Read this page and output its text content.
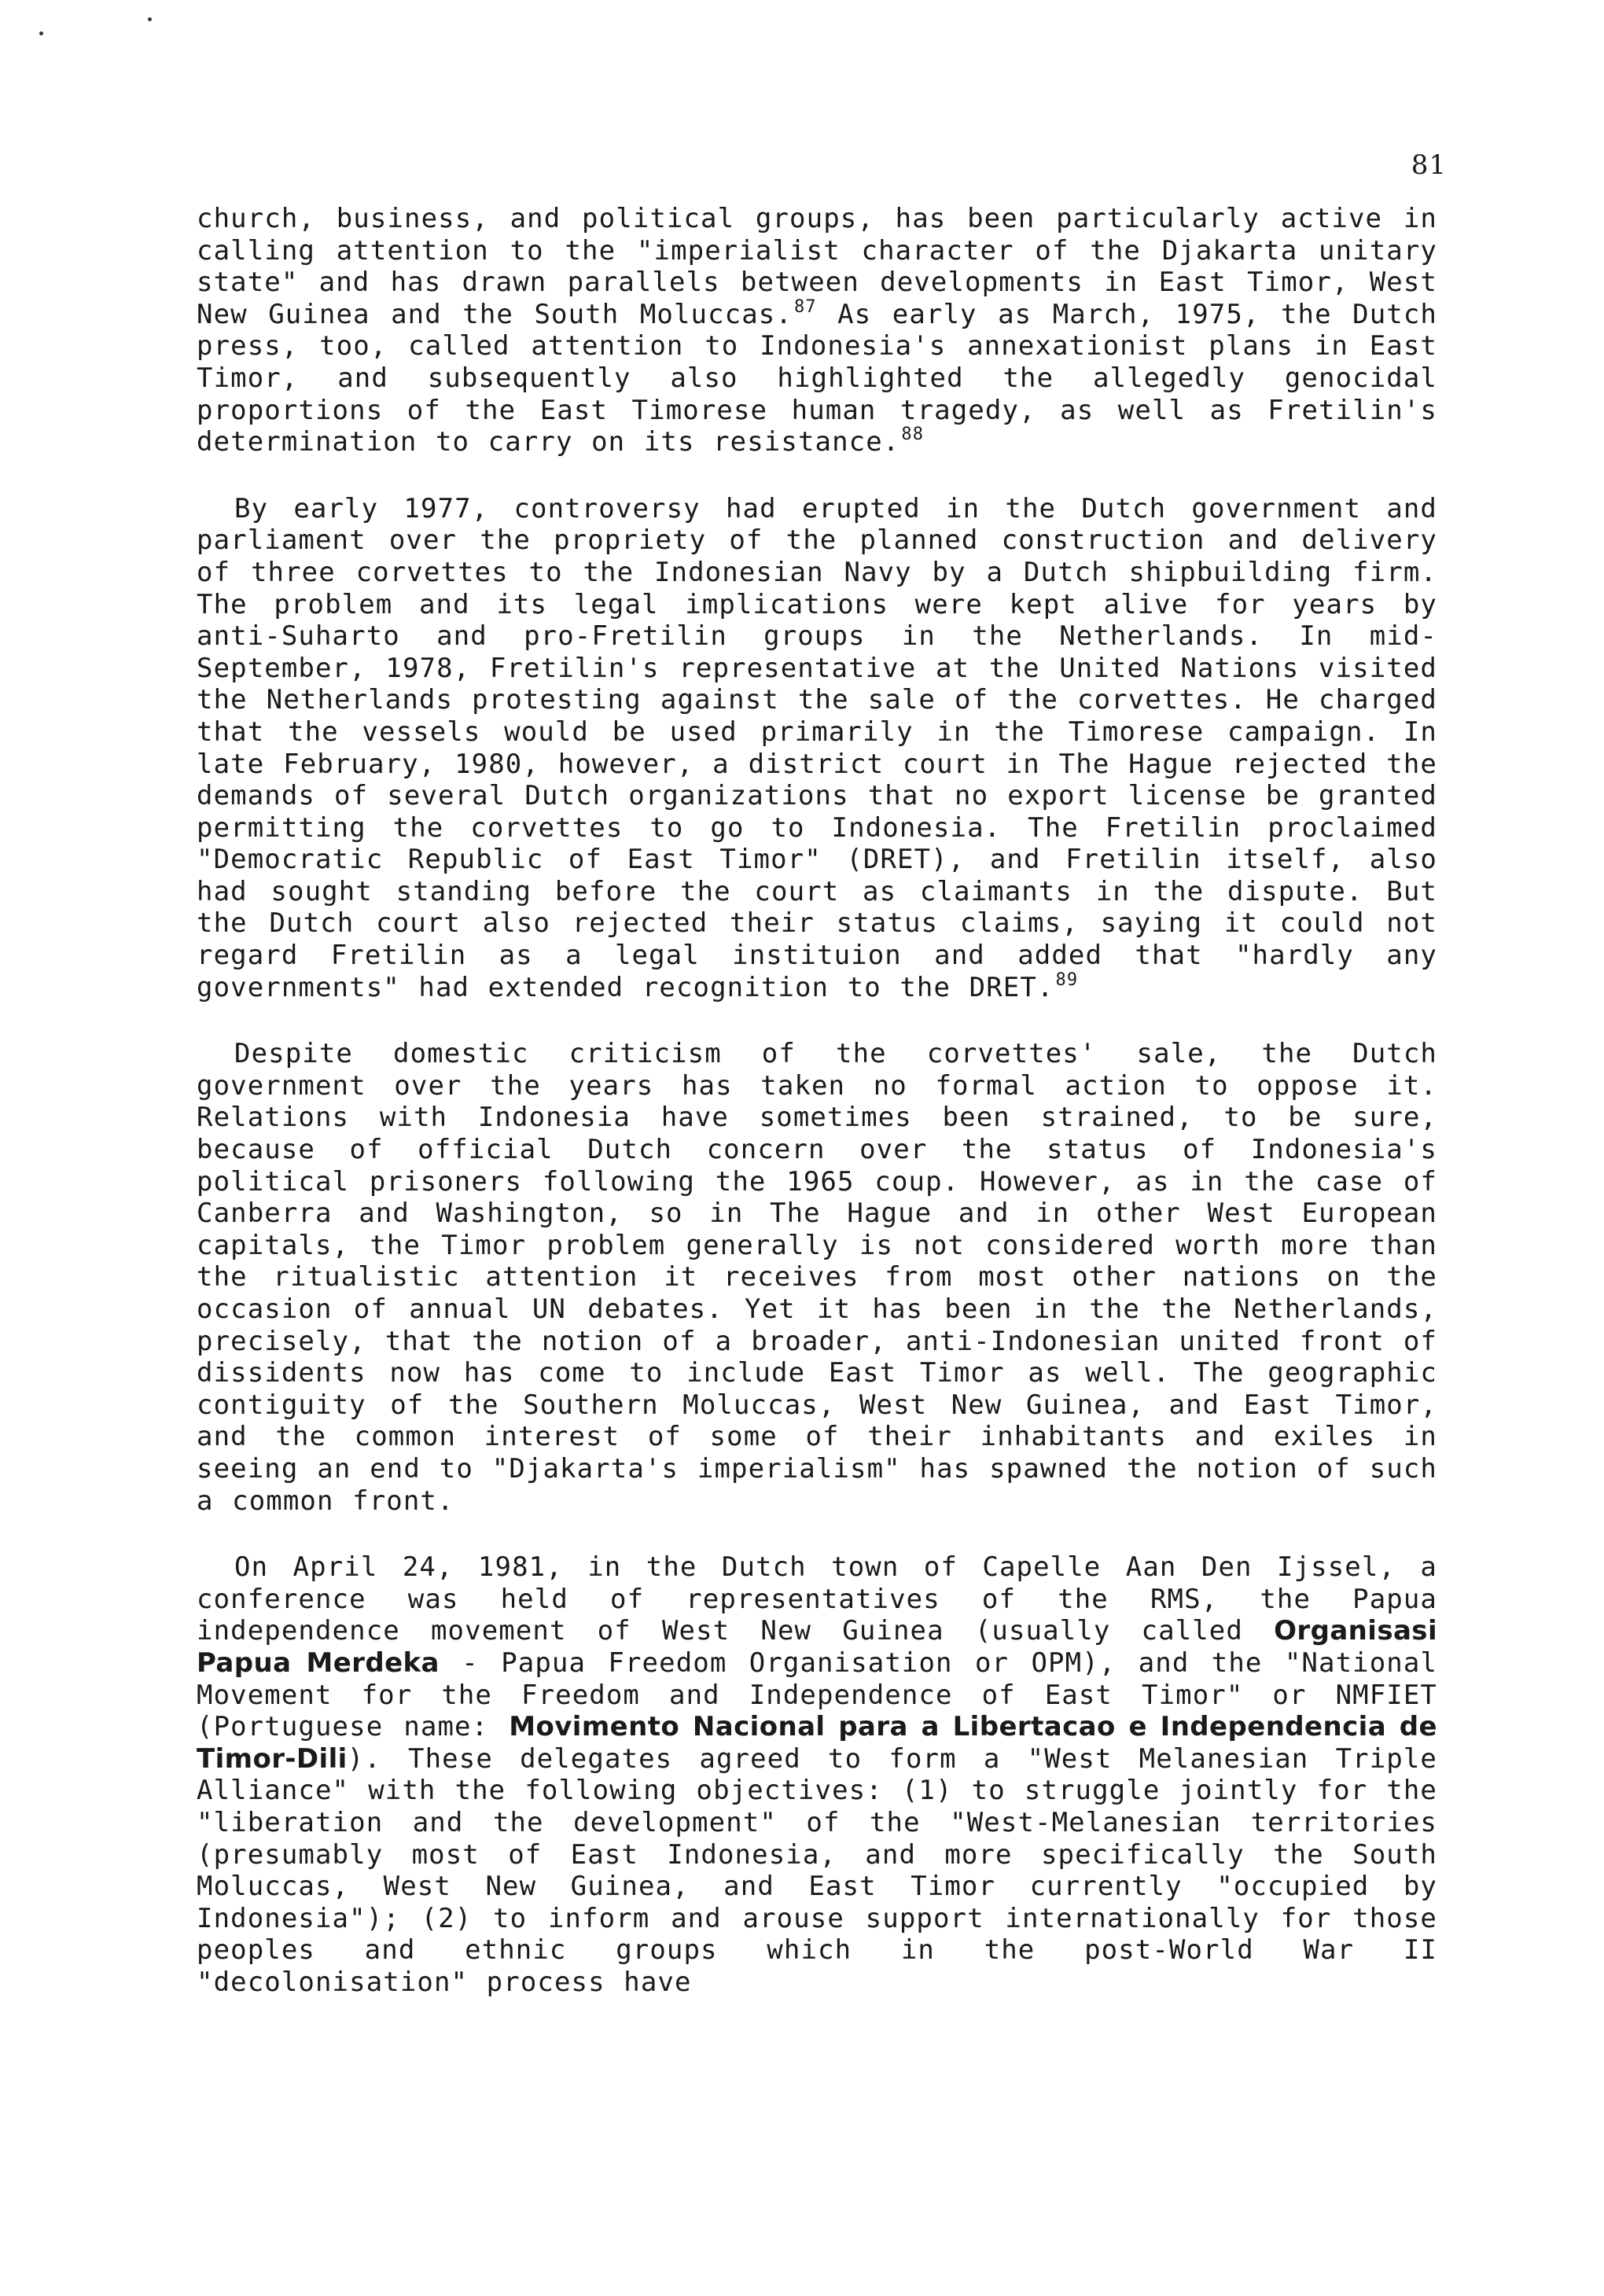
81

church, business, and political groups, has been particularly active in calling attention to the "imperialist character of the Djakarta unitary state" and has drawn parallels between developments in East Timor, West New Guinea and the South Moluccas.$^{87}$ As early as March, 1975, the Dutch press, too, called attention to Indonesia's annexationist plans in East Timor, and subsequently also highlighted the allegedly genocidal proportions of the East Timorese human tragedy, as well as Fretilin's determination to carry on its resistance.$^{88}$

By early 1977, controversy had erupted in the Dutch government and parliament over the propriety of the planned construction and delivery of three corvettes to the Indonesian Navy by a Dutch shipbuilding firm. The problem and its legal implications were kept alive for years by anti-Suharto and pro-Fretilin groups in the Netherlands. In mid-September, 1978, Fretilin's representative at the United Nations visited the Netherlands protesting against the sale of the corvettes. He charged that the vessels would be used primarily in the Timorese campaign. In late February, 1980, however, a district court in The Hague rejected the demands of several Dutch organizations that no export license be granted permitting the corvettes to go to Indonesia. The Fretilin proclaimed "Democratic Republic of East Timor" (DRET), and Fretilin itself, also had sought standing before the court as claimants in the dispute. But the Dutch court also rejected their status claims, saying it could not regard Fretilin as a legal instituion and added that "hardly any governments" had extended recognition to the DRET.$^{89}$

Despite domestic criticism of the corvettes' sale, the Dutch government over the years has taken no formal action to oppose it. Relations with Indonesia have sometimes been strained, to be sure, because of official Dutch concern over the status of Indonesia's political prisoners following the 1965 coup. However, as in the case of Canberra and Washington, so in The Hague and in other West European capitals, the Timor problem generally is not considered worth more than the ritualistic attention it receives from most other nations on the occasion of annual UN debates. Yet it has been in the the Netherlands, precisely, that the notion of a broader, anti-Indonesian united front of dissidents now has come to include East Timor as well. The geographic contiguity of the Southern Moluccas, West New Guinea, and East Timor, and the common interest of some of their inhabitants and exiles in seeing an end to "Djakarta's imperialism" has spawned the notion of such a common front.

On April 24, 1981, in the Dutch town of Capelle Aan Den Ijssel, a conference was held of representatives of the RMS, the Papua independence movement of West New Guinea (usually called Organisasi Papua Merdeka - Papua Freedom Organisation or OPM), and the "National Movement for the Freedom and Independence of East Timor" or NMFIET (Portuguese name: Movimento Nacional para a Libertacao e Independencia de Timor-Dili). These delegates agreed to form a "West Melanesian Triple Alliance" with the following objectives: (1) to struggle jointly for the "liberation and the development" of the "West-Melanesian territories (presumably most of East Indonesia, and more specifically the South Moluccas, West New Guinea, and East Timor currently "occupied by Indonesia"); (2) to inform and arouse support internationally for those peoples and ethnic groups which in the post-World War II "decolonisation" process have
